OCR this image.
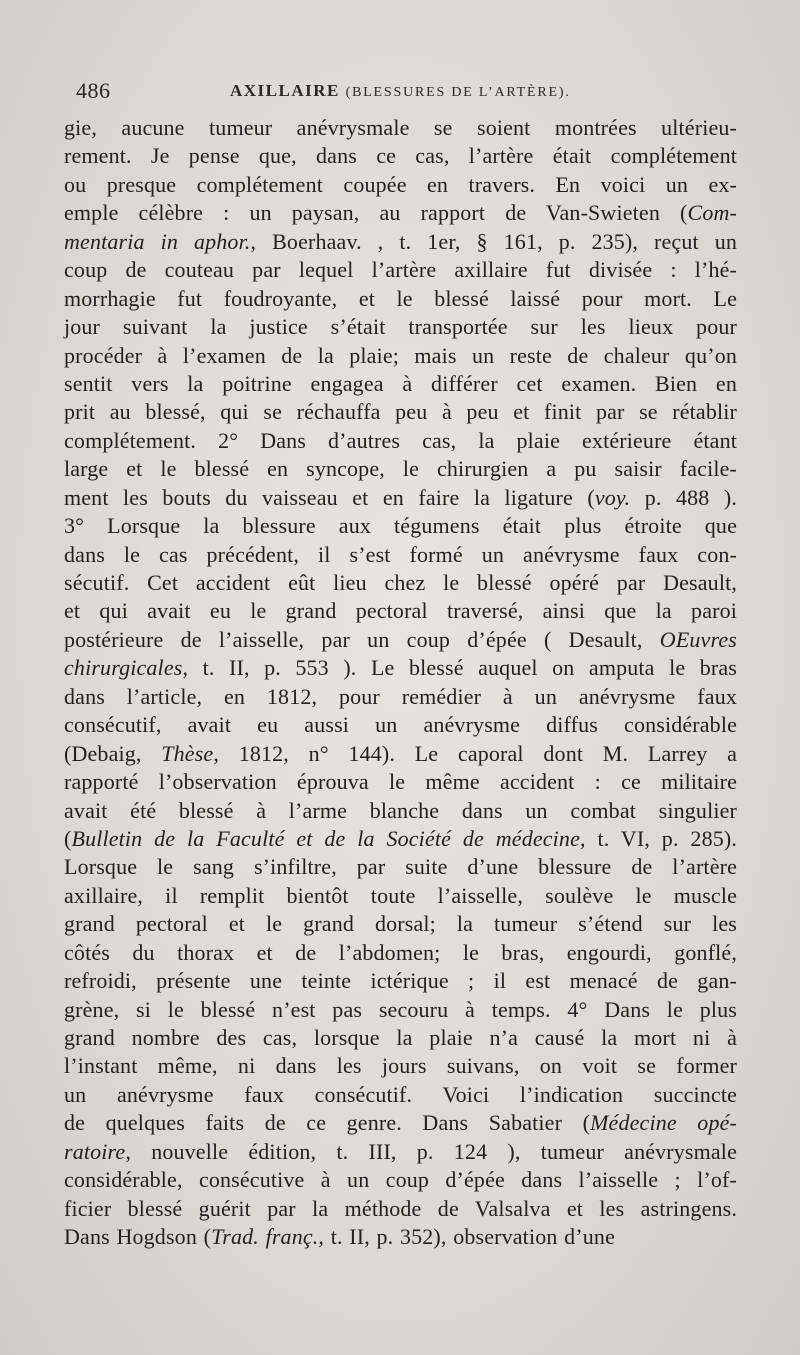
486	AXILLAIRE (BLESSURES DE L’ARTÈRE).
gie, aucune tumeur anévrysmale se soient montrées ultérieu-
rement. Je pense que, dans ce cas, l’artère était complétement
ou presque complétement coupée en travers. En voici un ex-
emple célèbre : un paysan, au rapport de Van-Swieten (Com-
mentaria in aphor., Boerhaav. , t. 1er, § 161, p. 235), reçut un
coup de couteau par lequel l’artère axillaire fut divisée : l’hé-
morrhagie fut foudroyante, et le blessé laissé pour mort. Le
jour suivant la justice s’était transportée sur les lieux pour
procéder à l’examen de la plaie; mais un reste de chaleur qu’on
sentit vers la poitrine engagea à différer cet examen. Bien en
prit au blessé, qui se réchauffa peu à peu et finit par se rétablir
complétement. 2° Dans d’autres cas, la plaie extérieure étant
large et le blessé en syncope, le chirurgien a pu saisir facile-
ment les bouts du vaisseau et en faire la ligature (voy. p. 488 ).
3° Lorsque la blessure aux tégumens était plus étroite que
dans le cas précédent, il s’est formé un anévrysme faux con-
sécutif. Cet accident eût lieu chez le blessé opéré par Desault,
et qui avait eu le grand pectoral traversé, ainsi que la paroi
postérieure de l’aisselle, par un coup d’épée ( Desault, OEuvres
chirurgicales, t. II, p. 553 ). Le blessé auquel on amputa le bras
dans l’article, en 1812, pour remédier à un anévrysme faux
consécutif, avait eu aussi un anévrysme diffus considérable
(Debaig, Thèse, 1812, n° 144). Le caporal dont M. Larrey a
rapporté l’observation éprouva le même accident : ce militaire
avait été blessé à l’arme blanche dans un combat singulier
(Bulletin de la Faculté et de la Société de médecine, t. VI, p. 285).
Lorsque le sang s’infiltre, par suite d’une blessure de l’artère
axillaire, il remplit bientôt toute l’aisselle, soulève le muscle
grand pectoral et le grand dorsal; la tumeur s’étend sur les
côtés du thorax et de l’abdomen; le bras, engourdi, gonflé,
refroidi, présente une teinte ictérique ; il est menacé de gan-
grène, si le blessé n’est pas secouru à temps. 4° Dans le plus
grand nombre des cas, lorsque la plaie n’a causé la mort ni à
l’instant même, ni dans les jours suivans, on voit se former
un anévrysme faux consécutif. Voici l’indication succincte
de quelques faits de ce genre. Dans Sabatier (Médecine opé-
ratoire, nouvelle édition, t. III, p. 124 ), tumeur anévrysmale
considérable, consécutive à un coup d’épée dans l’aisselle ; l’of-
ficier blessé guérit par la méthode de Valsalva et les astringens.
Dans Hogdson (Trad. franç., t. II, p. 352), observation d’une
